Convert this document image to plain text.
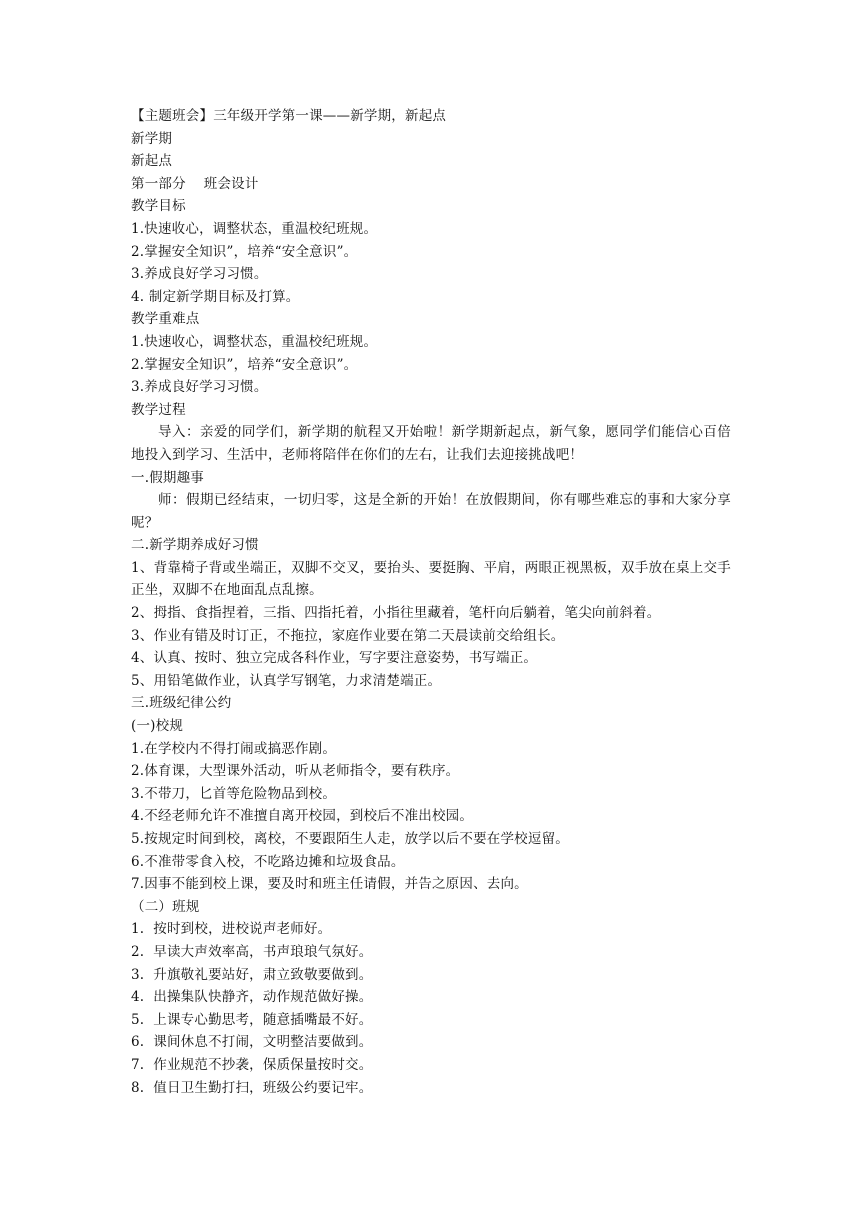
【主题班会】三年级开学第一课——新学期，新起点
新学期
新起点
第一部分    班会设计
教学目标
1.快速收心，调整状态，重温校纪班规。
2.掌握安全知识”，培养“安全意识”。
3.养成良好学习习惯。
4. 制定新学期目标及打算。
教学重难点
1.快速收心，调整状态，重温校纪班规。
2.掌握安全知识”，培养“安全意识”。
3.养成良好学习习惯。
教学过程

导入：亲爱的同学们，新学期的航程又开始啦！新学期新起点，新气象，愿同学们能信心百倍地投入到学习、生活中，老师将陪伴在你们的左右，让我们去迎接挑战吧！

一.假期趣事

师：假期已经结束，一切归零，这是全新的开始！在放假期间，你有哪些难忘的事和大家分享呢？

二.新学期养成好习惯

1、背靠椅子背或坐端正，双脚不交叉，要抬头、要挺胸、平肩，两眼正视黑板，双手放在桌上交手正坐，双脚不在地面乱点乱擦。

2、拇指、食指捏着，三指、四指托着，小指往里藏着，笔杆向后躺着，笔尖向前斜着。
3、作业有错及时订正，不拖拉，家庭作业要在第二天晨读前交给组长。
4、认真、按时、独立完成各科作业，写字要注意姿势，书写端正。
5、用铅笔做作业，认真学写钢笔，力求清楚端正。
三.班级纪律公约
(一)校规
1.在学校内不得打闹或搞恶作剧。
2.体育课，大型课外活动，听从老师指令，要有秩序。
3.不带刀，匕首等危险物品到校。
4.不经老师允许不准擅自离开校园，到校后不准出校园。
5.按规定时间到校，离校，不要跟陌生人走，放学以后不要在学校逗留。
6.不准带零食入校，不吃路边摊和垃圾食品。
7.因事不能到校上课，要及时和班主任请假，并告之原因、去向。
（二）班规
1.  按时到校，进校说声老师好。
2.  早读大声效率高，书声琅琅气氛好。
3.  升旗敬礼要站好，肃立致敬要做到。
4.  出操集队快静齐，动作规范做好操。
5.  上课专心勤思考，随意插嘴最不好。
6.  课间休息不打闹，文明整洁要做到。
7.  作业规范不抄袭，保质保量按时交。
8.  值日卫生勤打扫，班级公约要记牢。
